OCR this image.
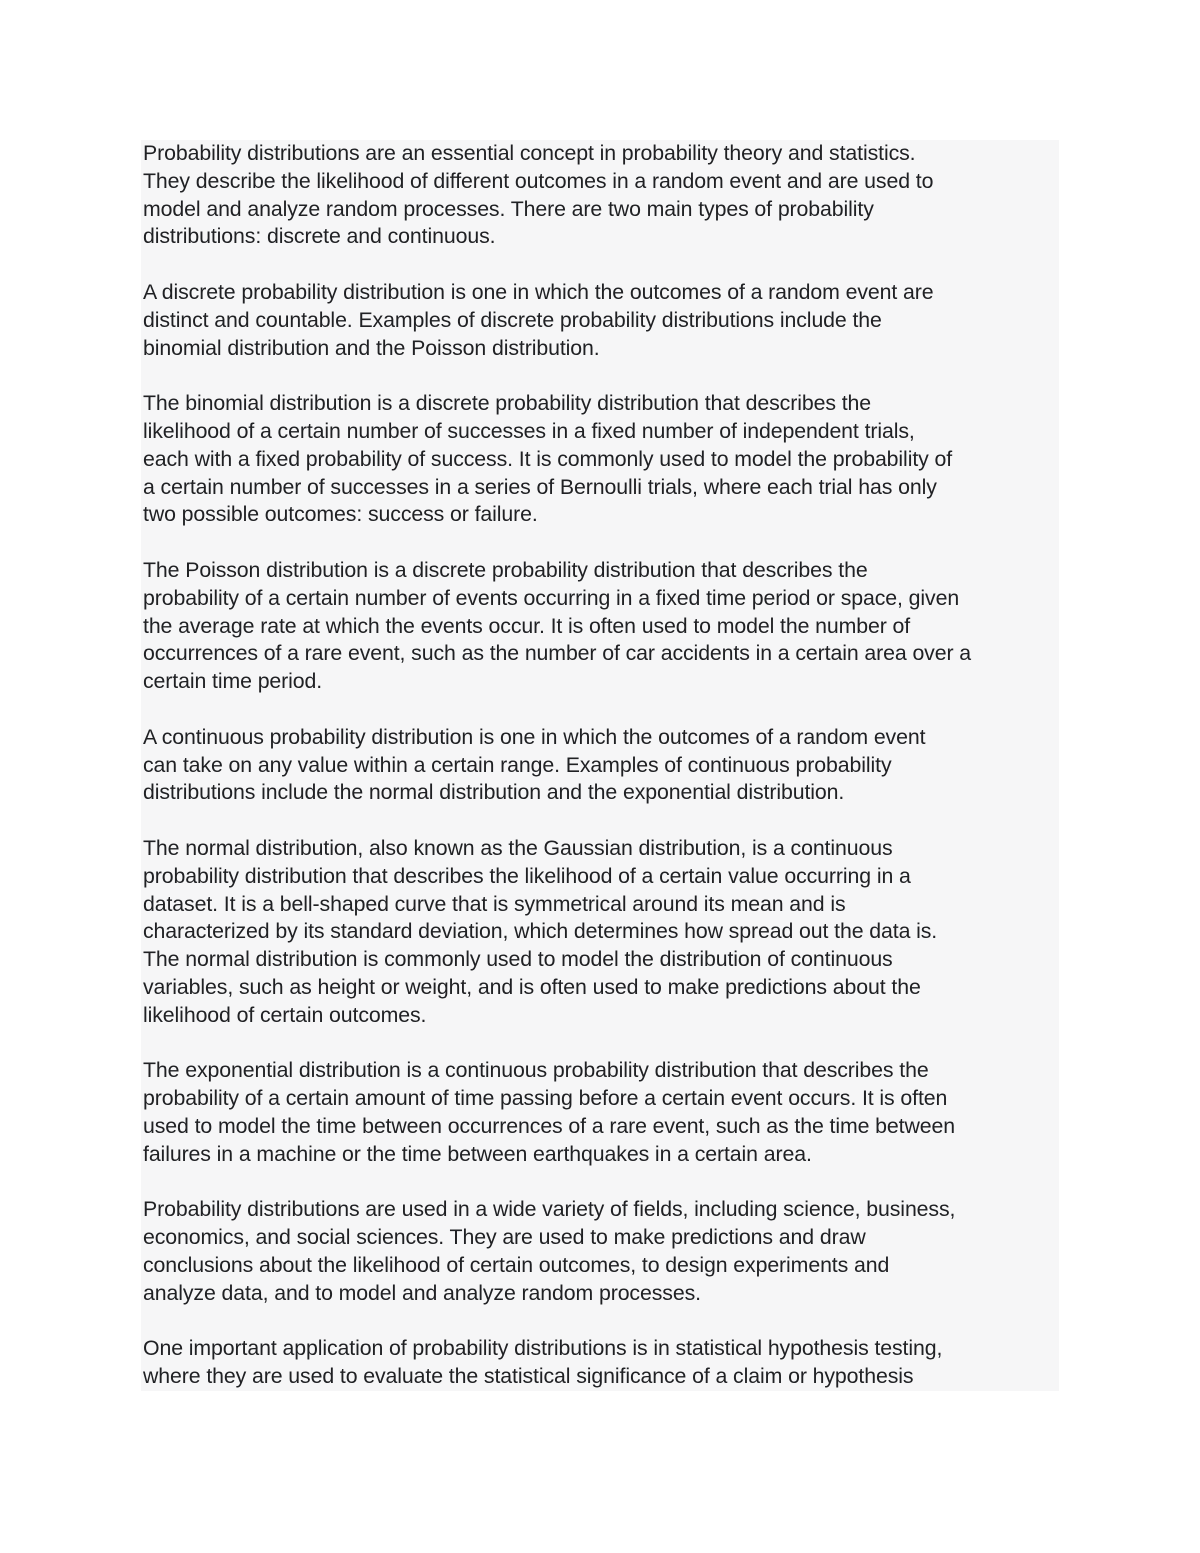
Probability distributions are an essential concept in probability theory and statistics.
They describe the likelihood of different outcomes in a random event and are used to
model and analyze random processes. There are two main types of probability
distributions: discrete and continuous.
A discrete probability distribution is one in which the outcomes of a random event are
distinct and countable. Examples of discrete probability distributions include the
binomial distribution and the Poisson distribution.
The binomial distribution is a discrete probability distribution that describes the
likelihood of a certain number of successes in a fixed number of independent trials,
each with a fixed probability of success. It is commonly used to model the probability of
a certain number of successes in a series of Bernoulli trials, where each trial has only
two possible outcomes: success or failure.
The Poisson distribution is a discrete probability distribution that describes the
probability of a certain number of events occurring in a fixed time period or space, given
the average rate at which the events occur. It is often used to model the number of
occurrences of a rare event, such as the number of car accidents in a certain area over a
certain time period.
A continuous probability distribution is one in which the outcomes of a random event
can take on any value within a certain range. Examples of continuous probability
distributions include the normal distribution and the exponential distribution.
The normal distribution, also known as the Gaussian distribution, is a continuous
probability distribution that describes the likelihood of a certain value occurring in a
dataset. It is a bell-shaped curve that is symmetrical around its mean and is
characterized by its standard deviation, which determines how spread out the data is.
The normal distribution is commonly used to model the distribution of continuous
variables, such as height or weight, and is often used to make predictions about the
likelihood of certain outcomes.
The exponential distribution is a continuous probability distribution that describes the
probability of a certain amount of time passing before a certain event occurs. It is often
used to model the time between occurrences of a rare event, such as the time between
failures in a machine or the time between earthquakes in a certain area.
Probability distributions are used in a wide variety of fields, including science, business,
economics, and social sciences. They are used to make predictions and draw
conclusions about the likelihood of certain outcomes, to design experiments and
analyze data, and to model and analyze random processes.
One important application of probability distributions is in statistical hypothesis testing,
where they are used to evaluate the statistical significance of a claim or hypothesis
